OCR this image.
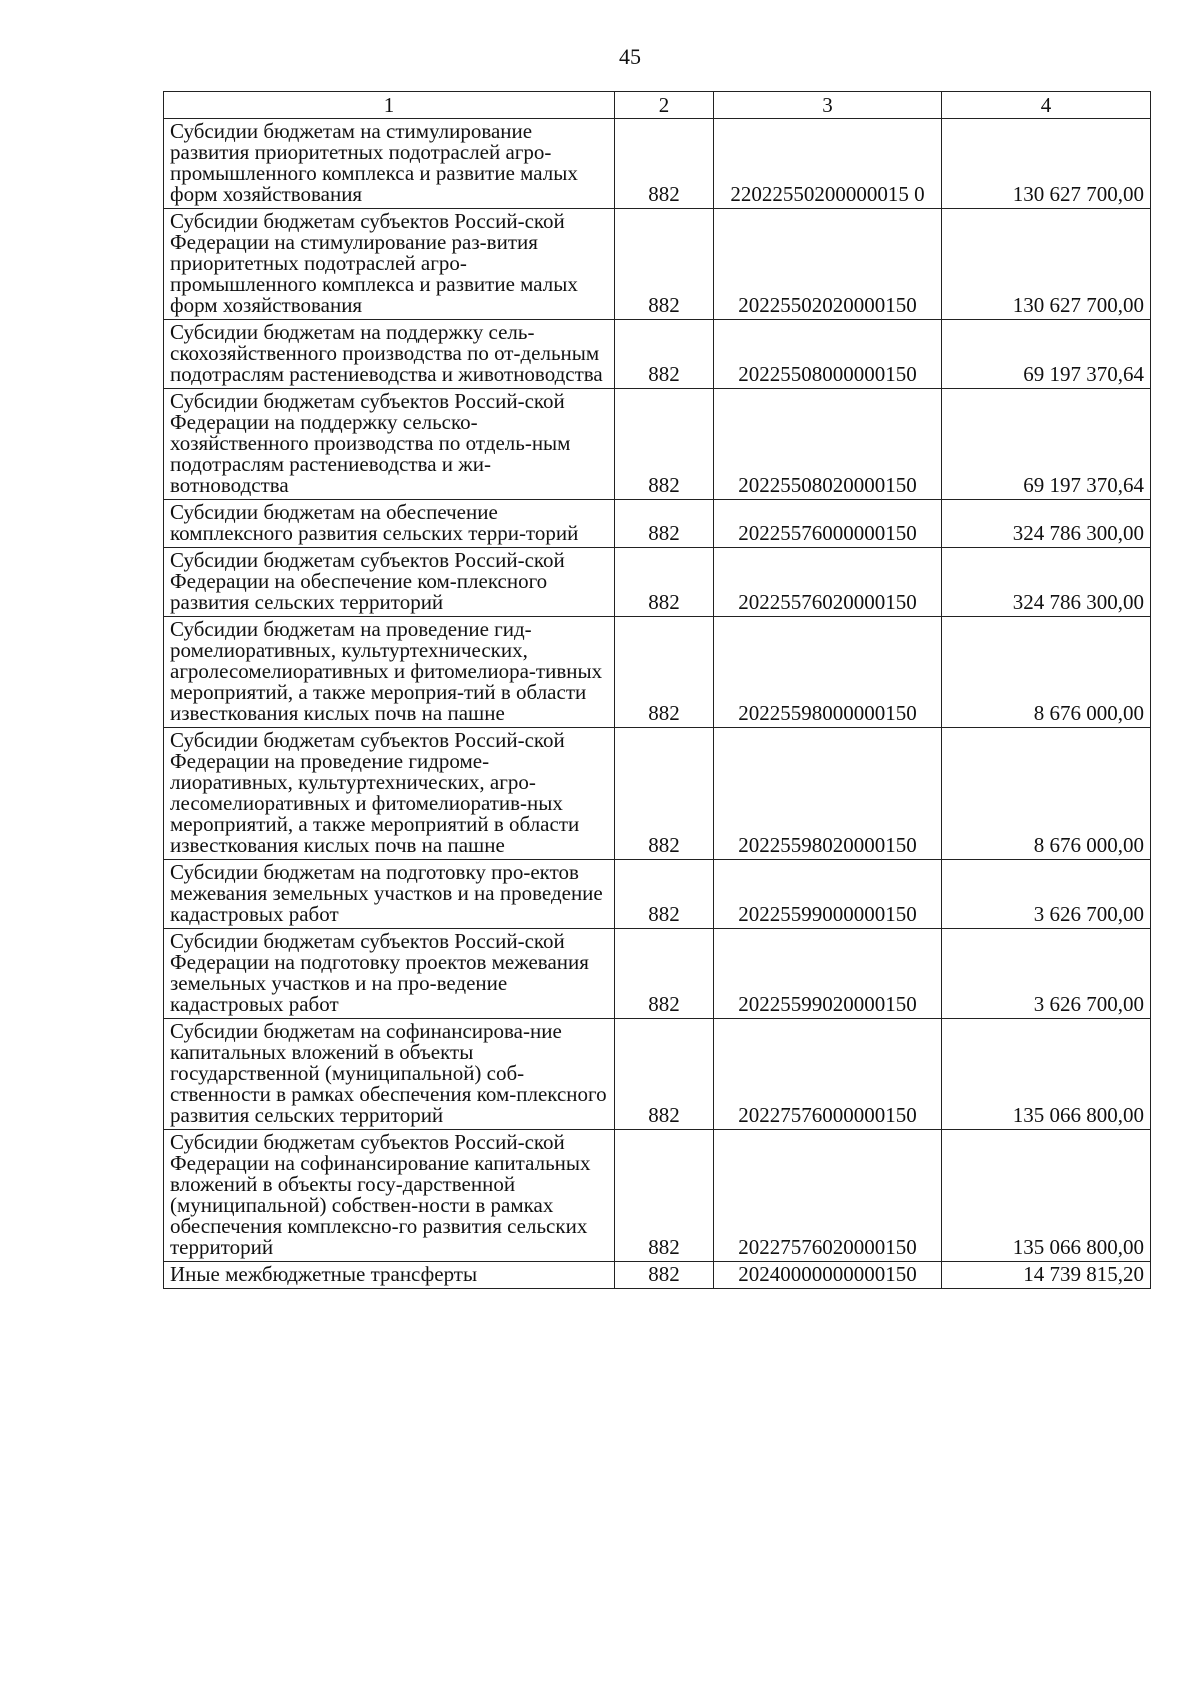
45
1	2	3	4
Субсидии бюджетам на стимулирование развития приоритетных подотраслей агро-промышленного комплекса и развитие малых форм хозяйствования	882	22022550200000015 0	130 627 700,00
Субсидии бюджетам субъектов Россий-ской Федерации на стимулирование раз-вития приоритетных подотраслей агро-промышленного комплекса и развитие малых форм хозяйствования	882	20225502020000150	130 627 700,00
Субсидии бюджетам на поддержку сель-скохозяйственного производства по от-дельным подотраслям растениеводства и животноводства	882	20225508000000150	69 197 370,64
Субсидии бюджетам субъектов Россий-ской Федерации на поддержку сельско-хозяйственного производства по отдель-ным подотраслям растениеводства и жи-вотноводства	882	20225508020000150	69 197 370,64
Субсидии бюджетам на обеспечение комплексного развития сельских терри-торий	882	20225576000000150	324 786 300,00
Субсидии бюджетам субъектов Россий-ской Федерации на обеспечение ком-плексного развития сельских территорий	882	20225576020000150	324 786 300,00
Субсидии бюджетам на проведение гид-ромелиоративных, культуртехнических, агролесомелиоративных и фитомелиора-тивных мероприятий, а также мероприя-тий в области известкования кислых почв на пашне	882	20225598000000150	8 676 000,00
Субсидии бюджетам субъектов Россий-ской Федерации на проведение гидроме-лиоративных, культуртехнических, агро-лесомелиоративных и фитомелиоратив-ных мероприятий, а также мероприятий в области известкования кислых почв на пашне	882	20225598020000150	8 676 000,00
Субсидии бюджетам на подготовку про-ектов межевания земельных участков и на проведение кадастровых работ	882	20225599000000150	3 626 700,00
Субсидии бюджетам субъектов Россий-ской Федерации на подготовку проектов межевания земельных участков и на про-ведение кадастровых работ	882	20225599020000150	3 626 700,00
Субсидии бюджетам на софинансирова-ние капитальных вложений в объекты государственной (муниципальной) соб-ственности в рамках обеспечения ком-плексного развития сельских территорий	882	20227576000000150	135 066 800,00
Субсидии бюджетам субъектов Россий-ской Федерации на софинансирование капитальных вложений в объекты госу-дарственной (муниципальной) собствен-ности в рамках обеспечения комплексно-го развития сельских территорий	882	20227576020000150	135 066 800,00
Иные межбюджетные трансферты	882	20240000000000150	14 739 815,20
